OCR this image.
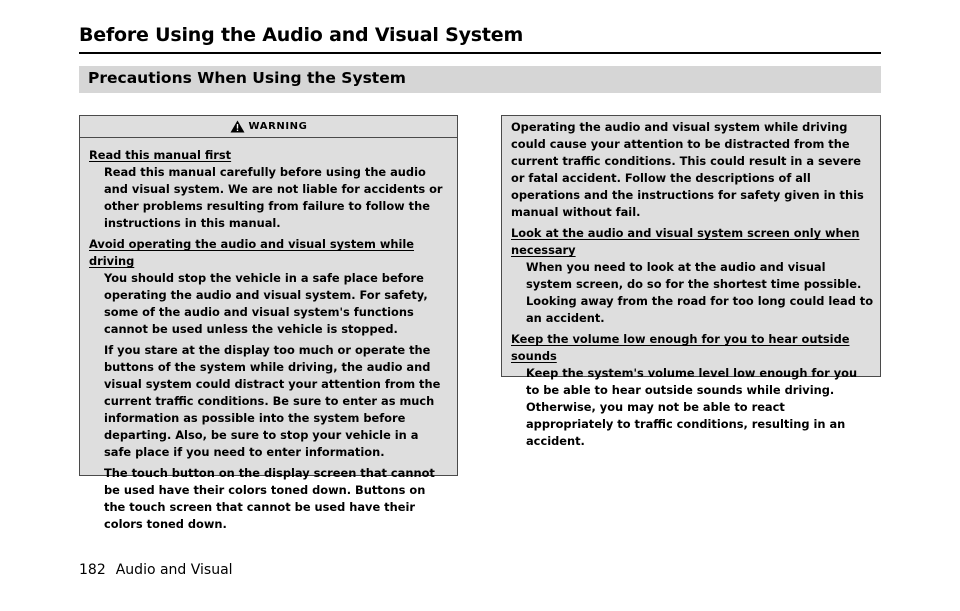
Before Using the Audio and Visual System
Precautions When Using the System
WARNING

Read this manual first

Read this manual carefully before using the audio and visual system. We are not liable for accidents or other problems resulting from failure to follow the instructions in this manual.

Avoid operating the audio and visual system while driving

You should stop the vehicle in a safe place before operating the audio and visual system. For safety, some of the audio and visual system's functions cannot be used unless the vehicle is stopped.

If you stare at the display too much or operate the buttons of the system while driving, the audio and visual system could distract your attention from the current traffic conditions. Be sure to enter as much information as possible into the system before departing. Also, be sure to stop your vehicle in a safe place if you need to enter information.

The touch button on the display screen that cannot be used have their colors toned down. Buttons on the touch screen that cannot be used have their colors toned down.

Operating the audio and visual system while driving could cause your attention to be distracted from the current traffic conditions. This could result in a severe or fatal accident. Follow the descriptions of all operations and the instructions for safety given in this manual without fail.

Look at the audio and visual system screen only when necessary

When you need to look at the audio and visual system screen, do so for the shortest time possible. Looking away from the road for too long could lead to an accident.

Keep the volume low enough for you to hear outside sounds

Keep the system's volume level low enough for you to be able to hear outside sounds while driving. Otherwise, you may not be able to react appropriately to traffic conditions, resulting in an accident.

182 Audio and Visual
